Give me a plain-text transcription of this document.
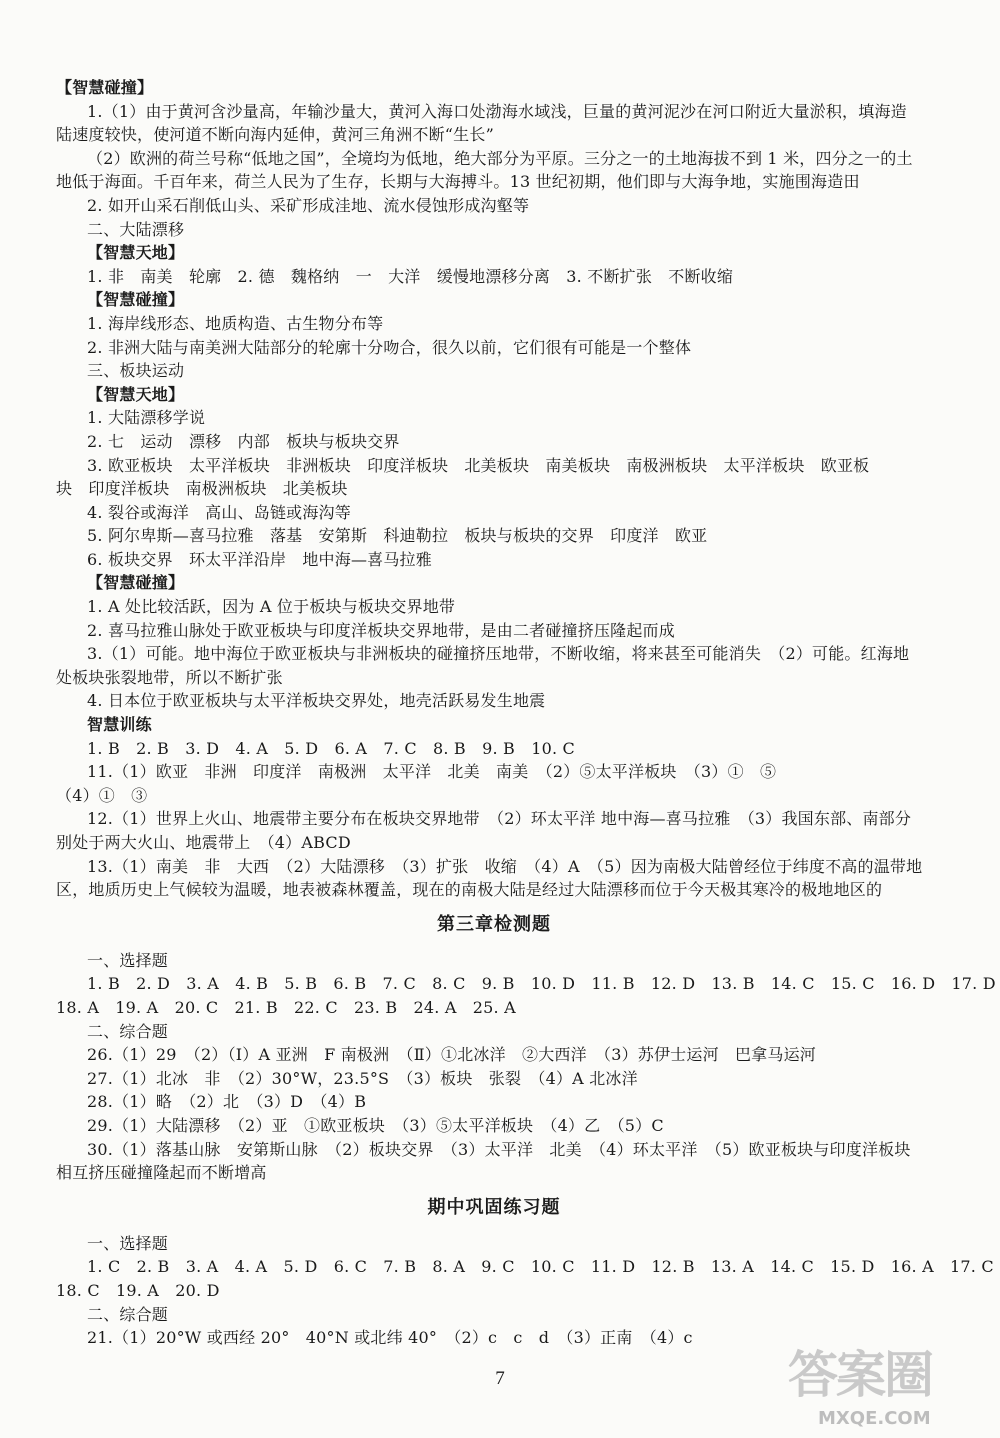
【智慧碰撞】
1.（1）由于黄河含沙量高，年输沙量大，黄河入海口处渤海水域浅，巨量的黄河泥沙在河口附近大量淤积，填海造
陆速度较快，使河道不断向海内延伸，黄河三角洲不断“生长”
（2）欧洲的荷兰号称“低地之国”，全境均为低地，绝大部分为平原。三分之一的土地海拔不到 1 米，四分之一的土
地低于海面。千百年来，荷兰人民为了生存，长期与大海搏斗。13 世纪初期，他们即与大海争地，实施围海造田
2. 如开山采石削低山头、采矿形成洼地、流水侵蚀形成沟壑等
二、大陆漂移
【智慧天地】
1. 非　南美　轮廓　2. 德　魏格纳　一　大洋　缓慢地漂移分离　3. 不断扩张　不断收缩
【智慧碰撞】
1. 海岸线形态、地质构造、古生物分布等
2. 非洲大陆与南美洲大陆部分的轮廓十分吻合，很久以前，它们很有可能是一个整体
三、板块运动
【智慧天地】
1. 大陆漂移学说
2. 七　运动　漂移　内部　板块与板块交界
3. 欧亚板块　太平洋板块　非洲板块　印度洋板块　北美板块　南美板块　南极洲板块　太平洋板块　欧亚板
块　印度洋板块　南极洲板块　北美板块
4. 裂谷或海洋　高山、岛链或海沟等
5. 阿尔卑斯—喜马拉雅　落基　安第斯　科迪勒拉　板块与板块的交界　印度洋　欧亚
6. 板块交界　环太平洋沿岸　地中海—喜马拉雅
【智慧碰撞】
1. A 处比较活跃，因为 A 位于板块与板块交界地带
2. 喜马拉雅山脉处于欧亚板块与印度洋板块交界地带，是由二者碰撞挤压隆起而成
3.（1）可能。地中海位于欧亚板块与非洲板块的碰撞挤压地带，不断收缩，将来甚至可能消失　（2）可能。红海地
处板块张裂地带，所以不断扩张
4. 日本位于欧亚板块与太平洋板块交界处，地壳活跃易发生地震
智慧训练
1. B　2. B　3. D　4. A　5. D　6. A　7. C　8. B　9. B　10. C
11.（1）欧亚　非洲　印度洋　南极洲　太平洋　北美　南美　（2）⑤太平洋板块　（3）①　⑤
（4）①　③
12.（1）世界上火山、地震带主要分布在板块交界地带　（2）环太平洋 地中海—喜马拉雅　（3）我国东部、南部分
别处于两大火山、地震带上　（4）ABCD
13.（1）南美　非　大西　（2）大陆漂移　（3）扩张　收缩　（4）A　（5）因为南极大陆曾经位于纬度不高的温带地
区，地质历史上气候较为温暖，地表被森林覆盖，现在的南极大陆是经过大陆漂移而位于今天极其寒冷的极地地区的
第三章检测题
一、选择题
1. B　2. D　3. A　4. B　5. B　6. B　7. C　8. C　9. B　10. D　11. B　12. D　13. B　14. C　15. C　16. D　17. D
18. A　19. A　20. C　21. B　22. C　23. B　24. A　25. A
二、综合题
26.（1）29　（2）（Ⅰ）A 亚洲　F 南极洲　（Ⅱ）①北冰洋　②大西洋　（3）苏伊士运河　巴拿马运河
27.（1）北冰　非　（2）30°W，23.5°S　（3）板块　张裂　（4）A 北冰洋
28.（1）略　（2）北　（3）D　（4）B
29.（1）大陆漂移　（2）亚　①欧亚板块　（3）⑤太平洋板块　（4）乙　（5）C
30.（1）落基山脉　安第斯山脉　（2）板块交界　（3）太平洋　北美　（4）环太平洋　（5）欧亚板块与印度洋板块
相互挤压碰撞隆起而不断增高
期中巩固练习题
一、选择题
1. C　2. B　3. A　4. A　5. D　6. C　7. B　8. A　9. C　10. C　11. D　12. B　13. A　14. C　15. D　16. A　17. C
18. C　19. A　20. D
二、综合题
21.（1）20°W 或西经 20°　40°N 或北纬 40°　（2）c　c　d　（3）正南　（4）c
7	答案圈
MXQE.COM
